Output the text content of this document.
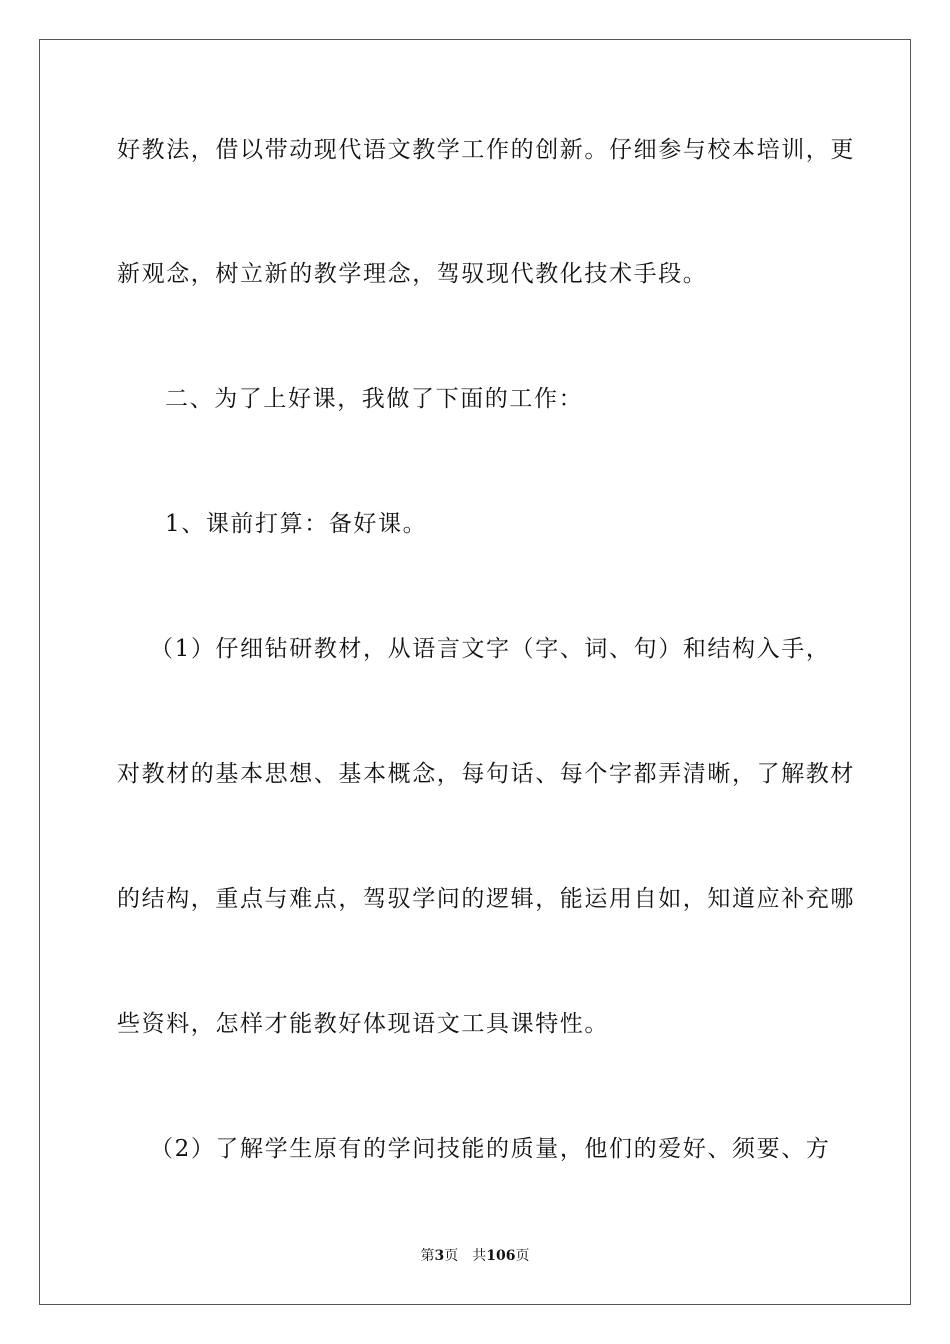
好教法，借以带动现代语文教学工作的创新。仔细参与校本培训，更
新观念，树立新的教学理念，驾驭现代教化技术手段。
二、为了上好课，我做了下面的工作：
1、课前打算：备好课。
（1）仔细钻研教材，从语言文字（字、词、句）和结构入手，
对教材的基本思想、基本概念，每句话、每个字都弄清晰，了解教材
的结构，重点与难点，驾驭学问的逻辑，能运用自如，知道应补充哪
些资料，怎样才能教好体现语文工具课特性。
（2）了解学生原有的学问技能的质量，他们的爱好、须要、方
第3页　共106页
